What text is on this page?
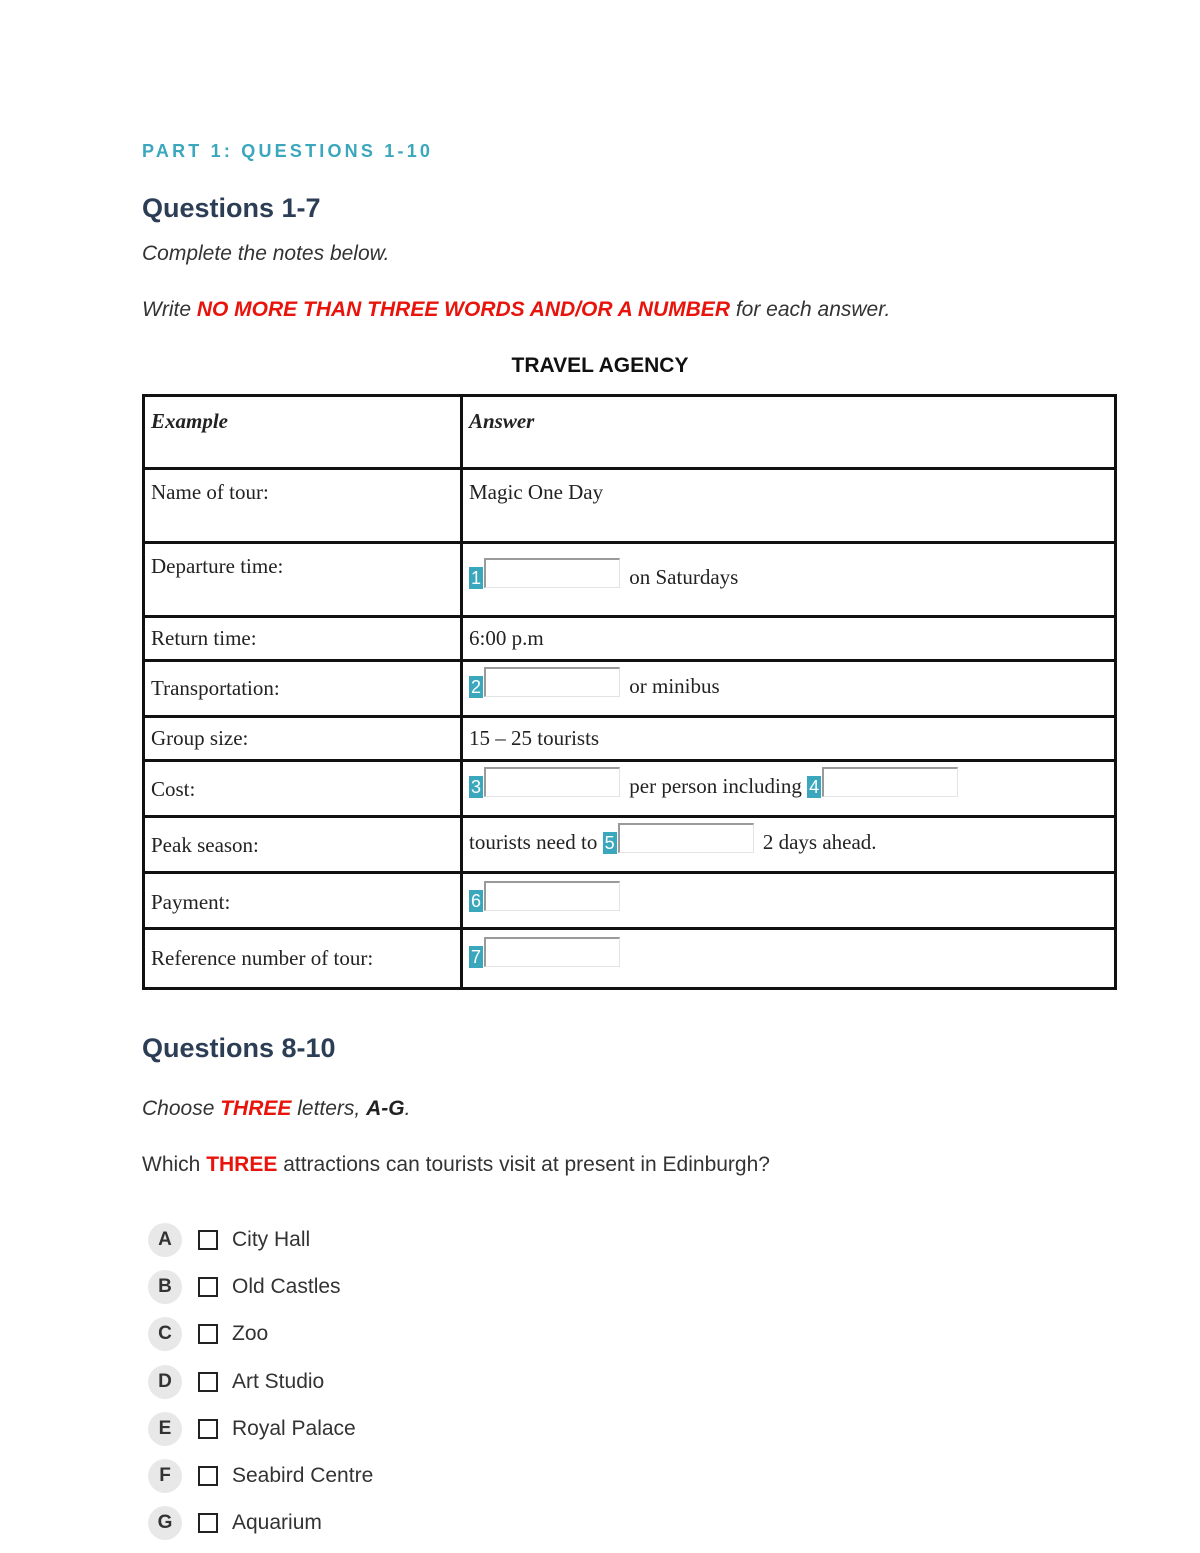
PART 1: QUESTIONS 1-10
Questions 1-7
Complete the notes below.
Write NO MORE THAN THREE WORDS AND/OR A NUMBER for each answer.
TRAVEL AGENCY
Example	Answer

Name of tour:	Magic One Day

Departure time:	1 on Saturdays

Return time:	6:00 p.m

Transportation:	2 or minibus

Group size:	15 – 25 tourists

Cost:	3 per person including 4

Peak season:	tourists need to 5 2 days ahead.

Payment:	6

Reference number of tour:	7
Questions 8-10
Choose THREE letters, A-G.
Which THREE attractions can tourists visit at present in Edinburgh?
A	City Hall
B	Old Castles
C	Zoo
D	Art Studio
E	Royal Palace
F	Seabird Centre
G	Aquarium
